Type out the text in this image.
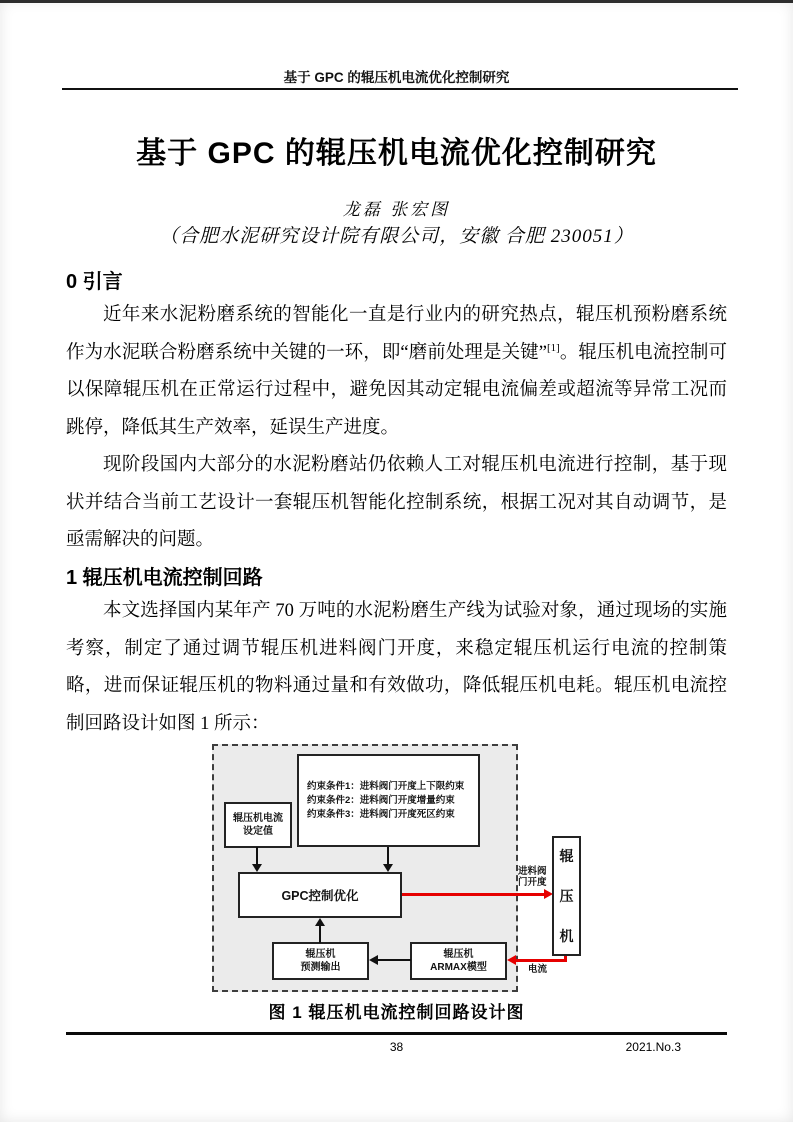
基于 GPC 的辊压机电流优化控制研究
基于 GPC 的辊压机电流优化控制研究
龙磊 张宏图
（合肥水泥研究设计院有限公司，安徽 合肥 230051）
0 引言
近年来水泥粉磨系统的智能化一直是行业内的研究热点，辊压机预粉磨系统作为水泥联合粉磨系统中关键的一环，即“磨前处理是关键”[1]。辊压机电流控制可以保障辊压机在正常运行过程中，避免因其动定辊电流偏差或超流等异常工况而跳停，降低其生产效率，延误生产进度。
现阶段国内大部分的水泥粉磨站仍依赖人工对辊压机电流进行控制，基于现状并结合当前工艺设计一套辊压机智能化控制系统，根据工况对其自动调节，是亟需解决的问题。
1 辊压机电流控制回路
本文选择国内某年产 70 万吨的水泥粉磨生产线为试验对象，通过现场的实施考察，制定了通过调节辊压机进料阀门开度，来稳定辊压机运行电流的控制策略，进而保证辊压机的物料通过量和有效做功，降低辊压机电耗。辊压机电流控制回路设计如图 1 所示：
辊压机电流
设定值
约束条件1：进料阀门开度上下限约束
约束条件2：进料阀门开度增量约束
约束条件3：进料阀门开度死区约束
GPC控制优化
辊压机
预测输出
辊压机
ARMAX模型
辊
压
机
进料阀
门开度
电流
图 1 辊压机电流控制回路设计图
38	2021.No.3
